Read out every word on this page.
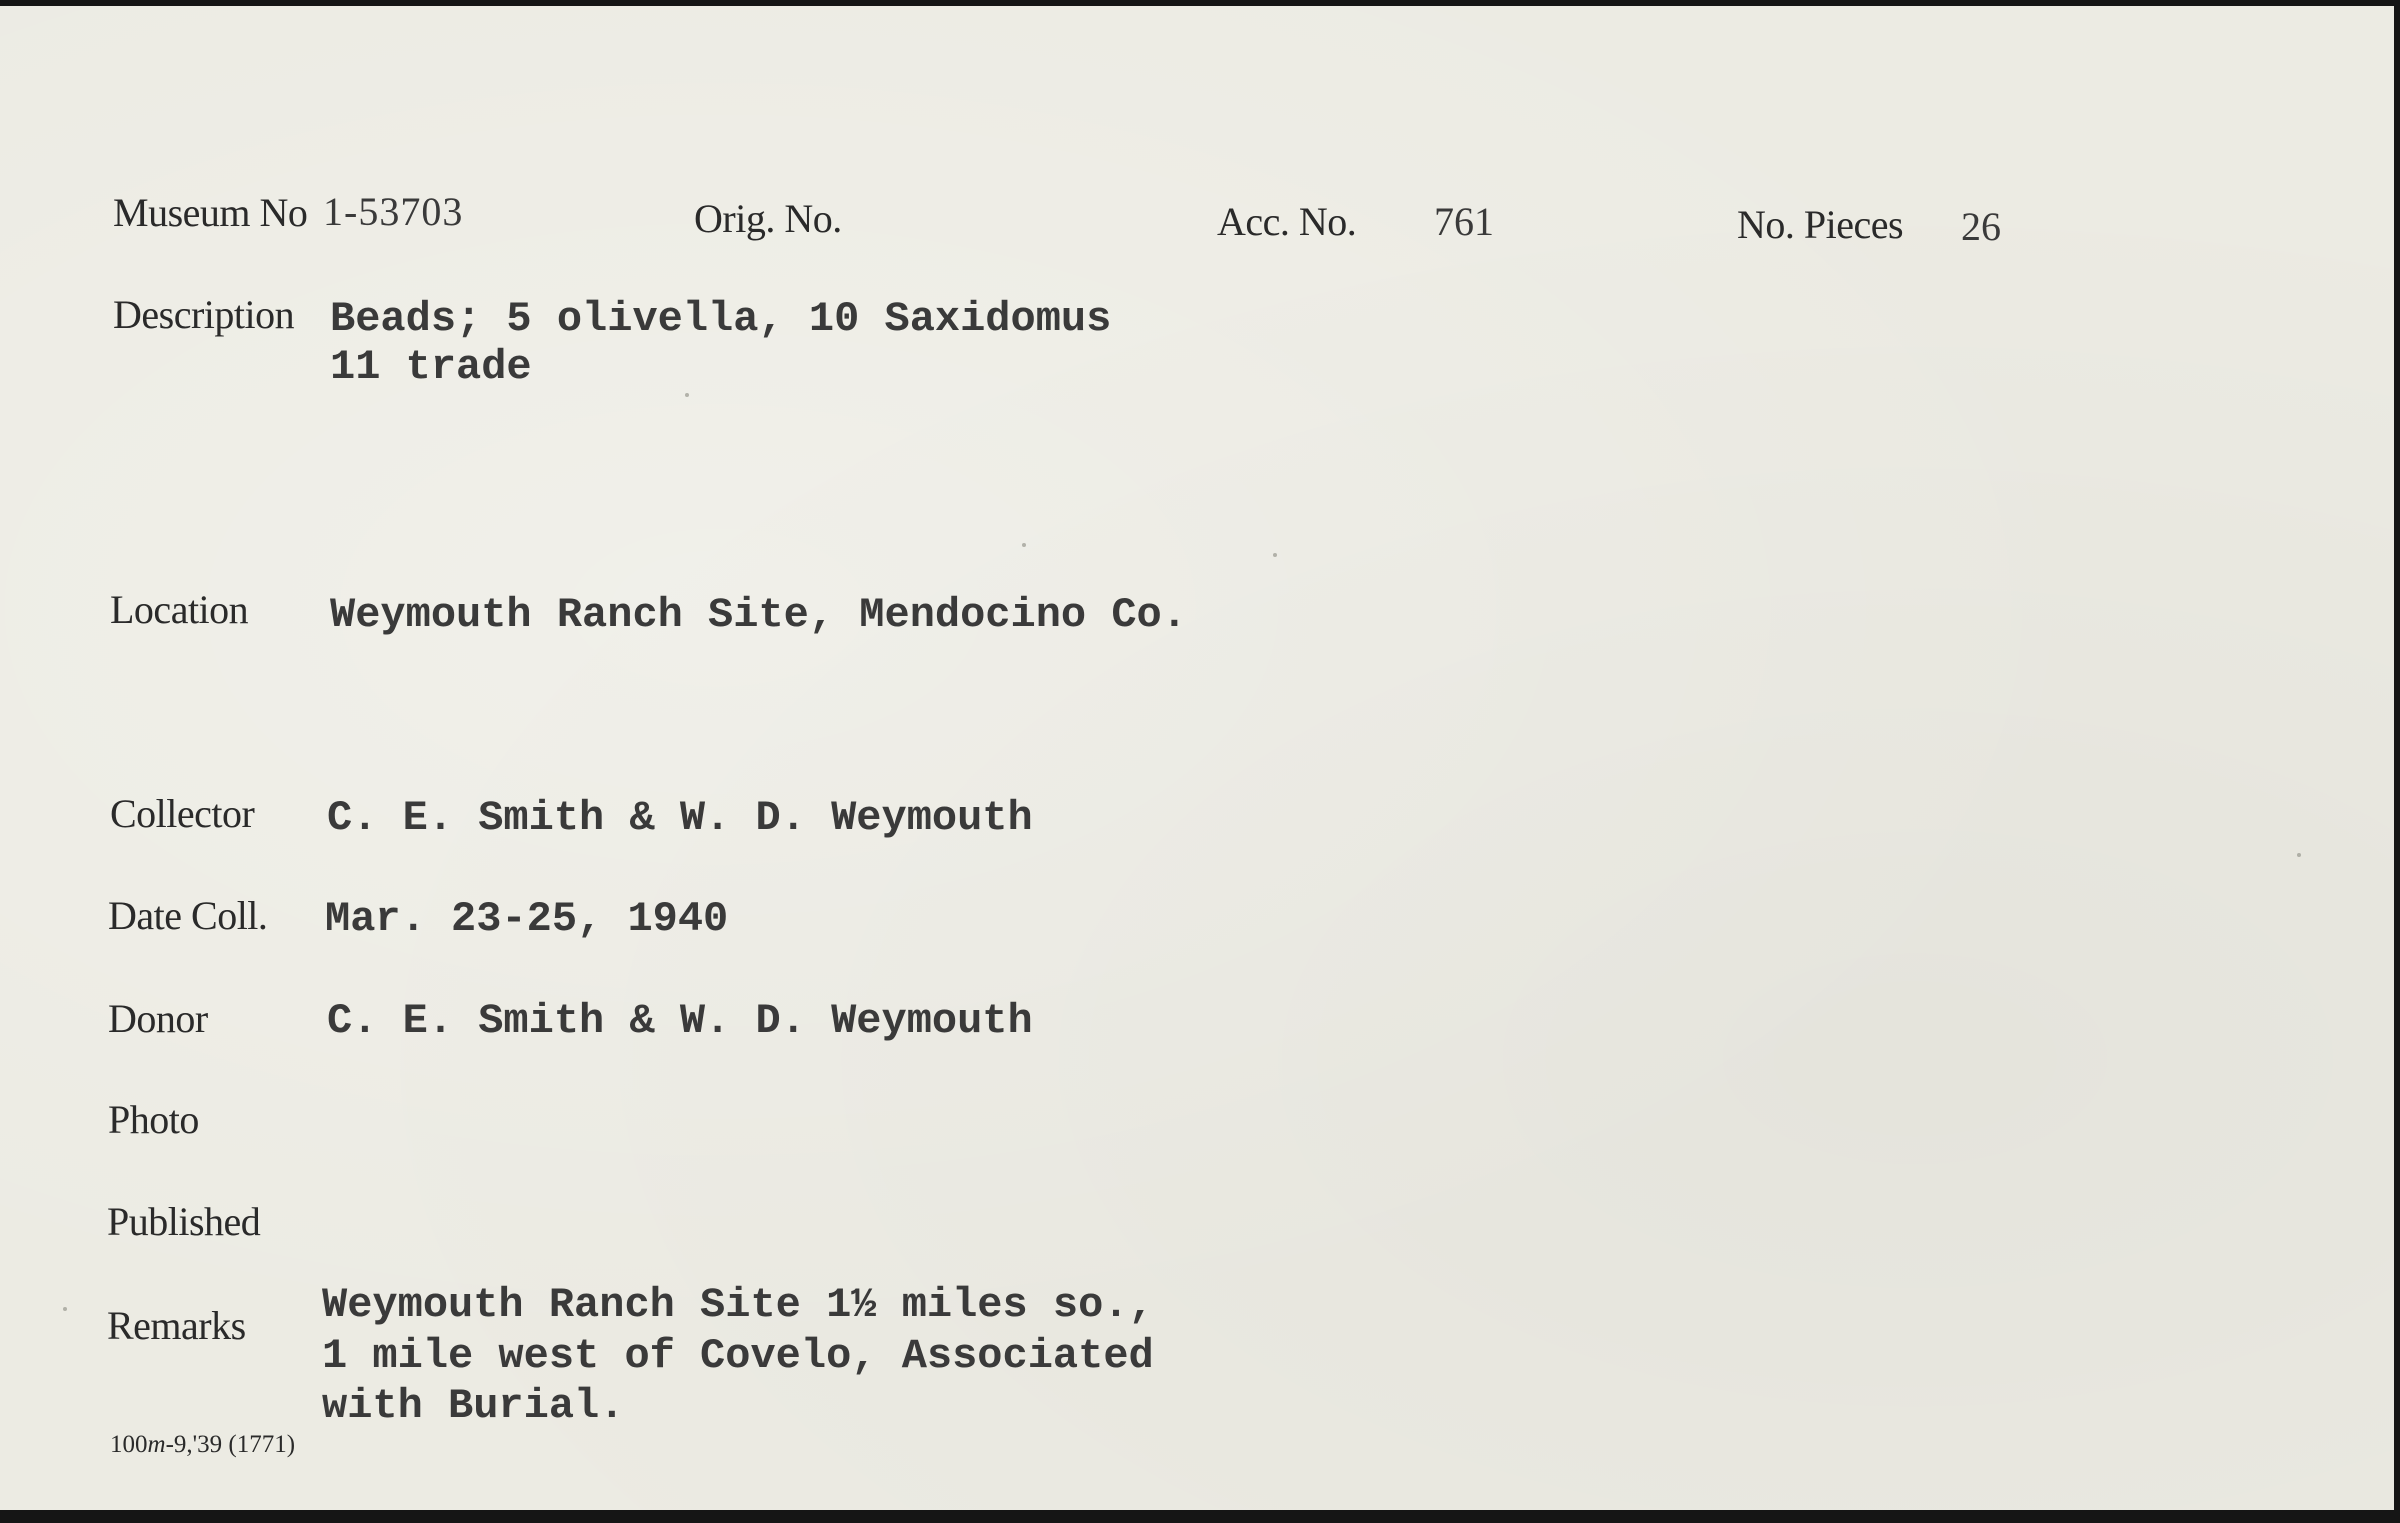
Museum No 1-53703	Orig. No.	Acc. No. 761	No. Pieces 26
Description Beads; 5 olivella, 10 Saxidomus
11 trade
Location Weymouth Ranch Site, Mendocino Co.
Collector C. E. Smith & W. D. Weymouth
Date Coll. Mar. 23-25, 1940
Donor	C. E. Smith & W. D. Weymouth
Photo
Published
Remarks Weymouth Ranch Site 1½ miles so.,
1 mile west of Covelo, Associated
with Burial.
100m-9,'39 (1771)
